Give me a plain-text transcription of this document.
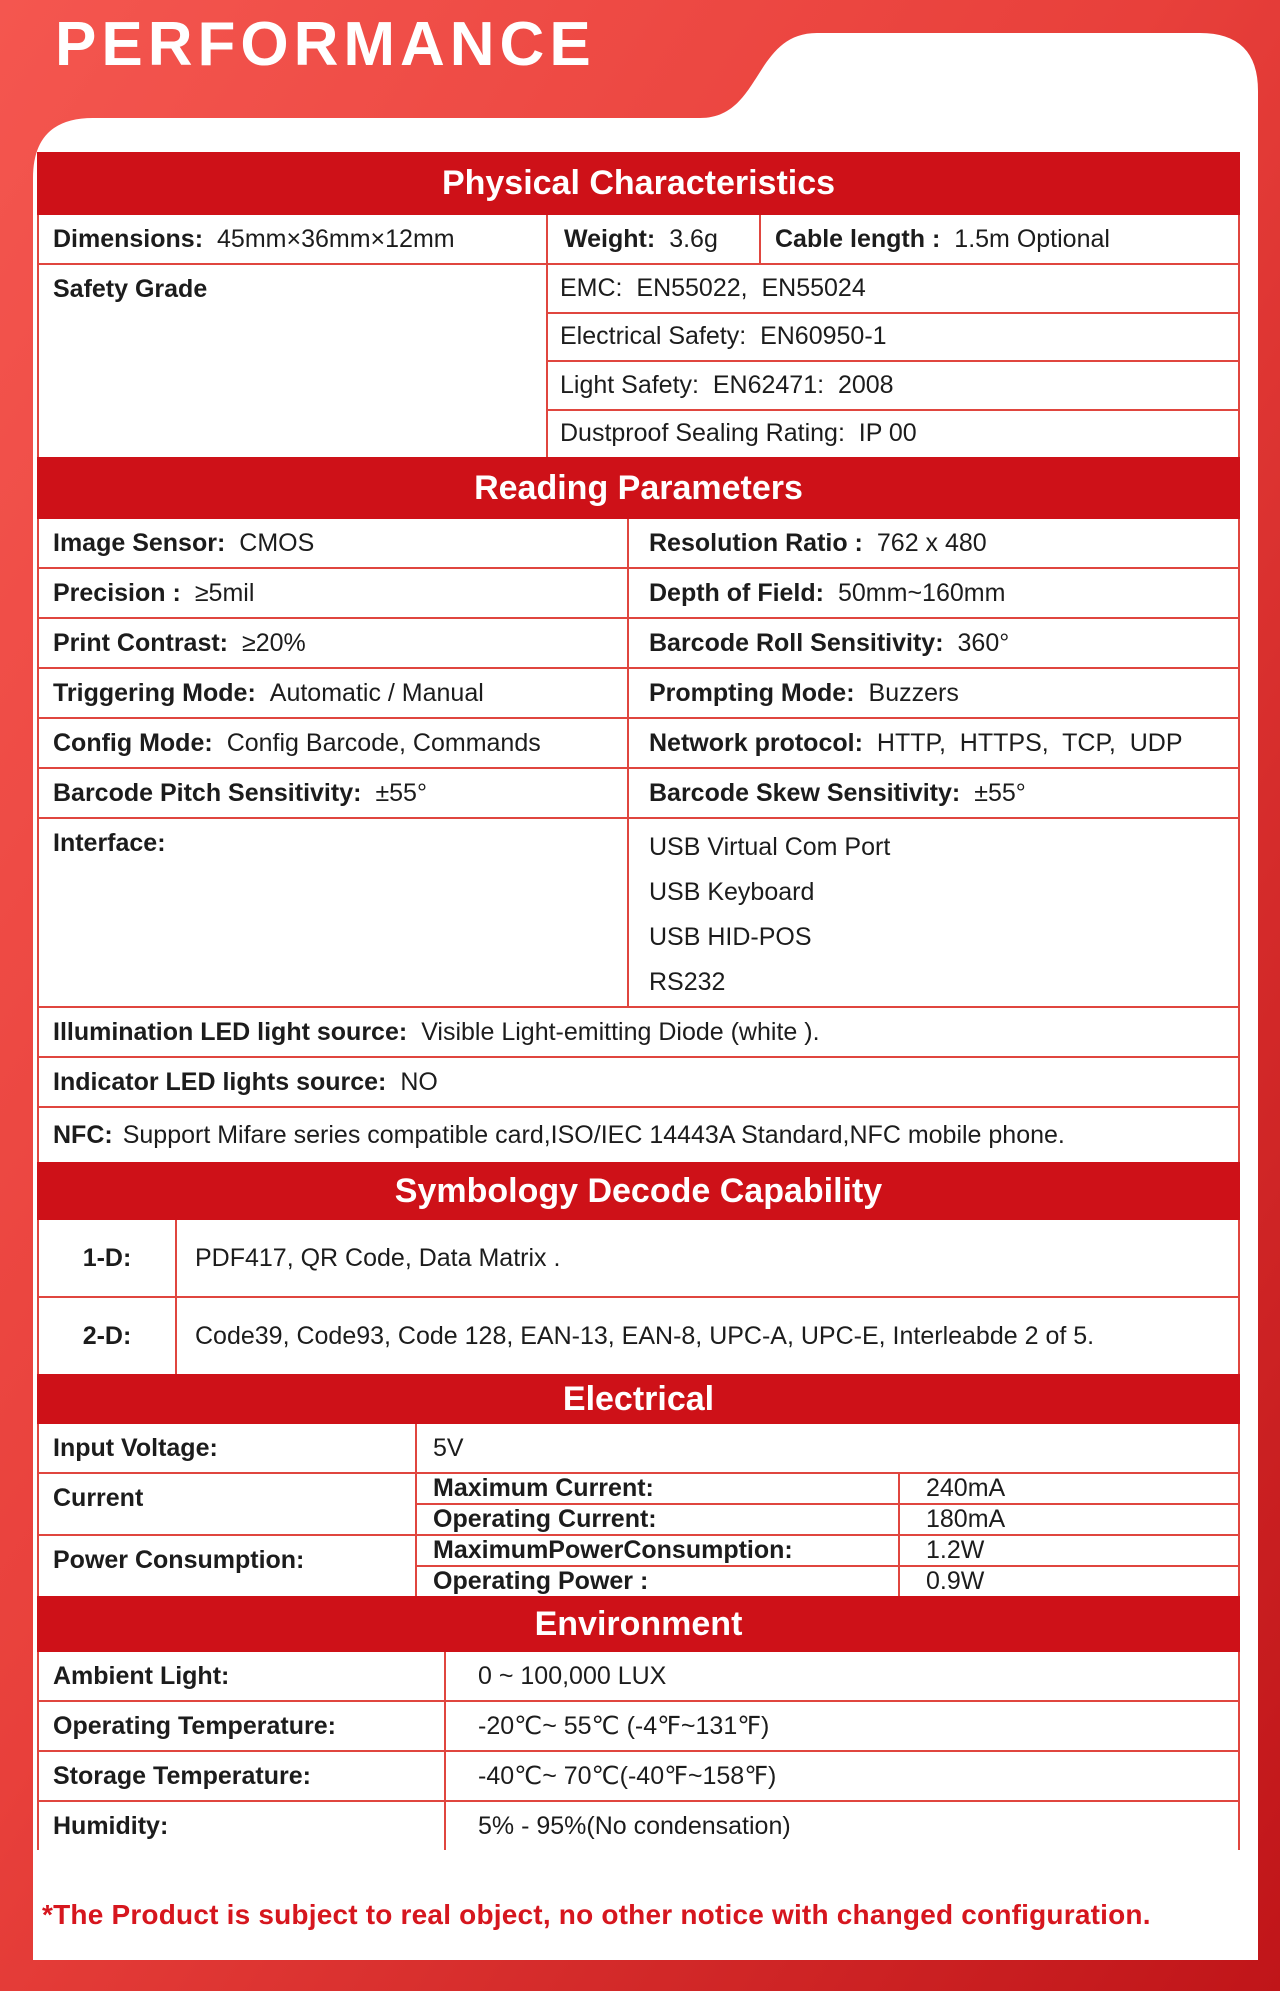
PERFORMANCE
Physical Characteristics
Dimensions: 45mm×36mm×12mm	Weight: 3.6g Cable length : 1.5m Optional
Safety Grade	EMC:  EN55022,  EN55024
Electrical Safety:  EN60950-1
Light Safety:  EN62471:  2008
Dustproof Sealing Rating:  IP 00
Reading Parameters
Image Sensor: CMOS	Resolution Ratio : 762 x 480
Precision : ≥5mil	Depth of Field: 50mm~160mm
Print Contrast: ≥20%	Barcode Roll Sensitivity: 360°
Triggering Mode: Automatic / Manual	Prompting Mode: Buzzers
Config Mode: Config Barcode, Commands	Network protocol: HTTP,  HTTPS,  TCP,  UDP
Barcode Pitch Sensitivity: ±55°	Barcode Skew Sensitivity: ±55°
Interface:	USB Virtual Com Port
USB Keyboard
USB HID-POS
RS232
Illumination LED light source: Visible Light-emitting Diode (white ).
Indicator LED lights source: NO
NFC: Support Mifare series compatible card,ISO/IEC 14443A Standard,NFC mobile phone.
Symbology Decode Capability
1-D:	PDF417, QR Code, Data Matrix .
2-D:	Code39, Code93, Code 128, EAN-13, EAN-8, UPC-A, UPC-E, Interleabde 2 of 5.
Electrical
Input Voltage:	5V
Current	Maximum Current:	240mA
Operating Current:	180mA
Power Consumption:	MaximumPowerConsumption:	1.2W
Operating Power :	0.9W
Environment
Ambient Light:	0 ~ 100,000 LUX
Operating Temperature:	-20℃~ 55℃ (-4℉~131℉)
Storage Temperature:	-40℃~ 70℃(-40℉~158℉)
Humidity:	5% - 95%(No condensation)
*The Product is subject to real object, no other notice with changed configuration.
